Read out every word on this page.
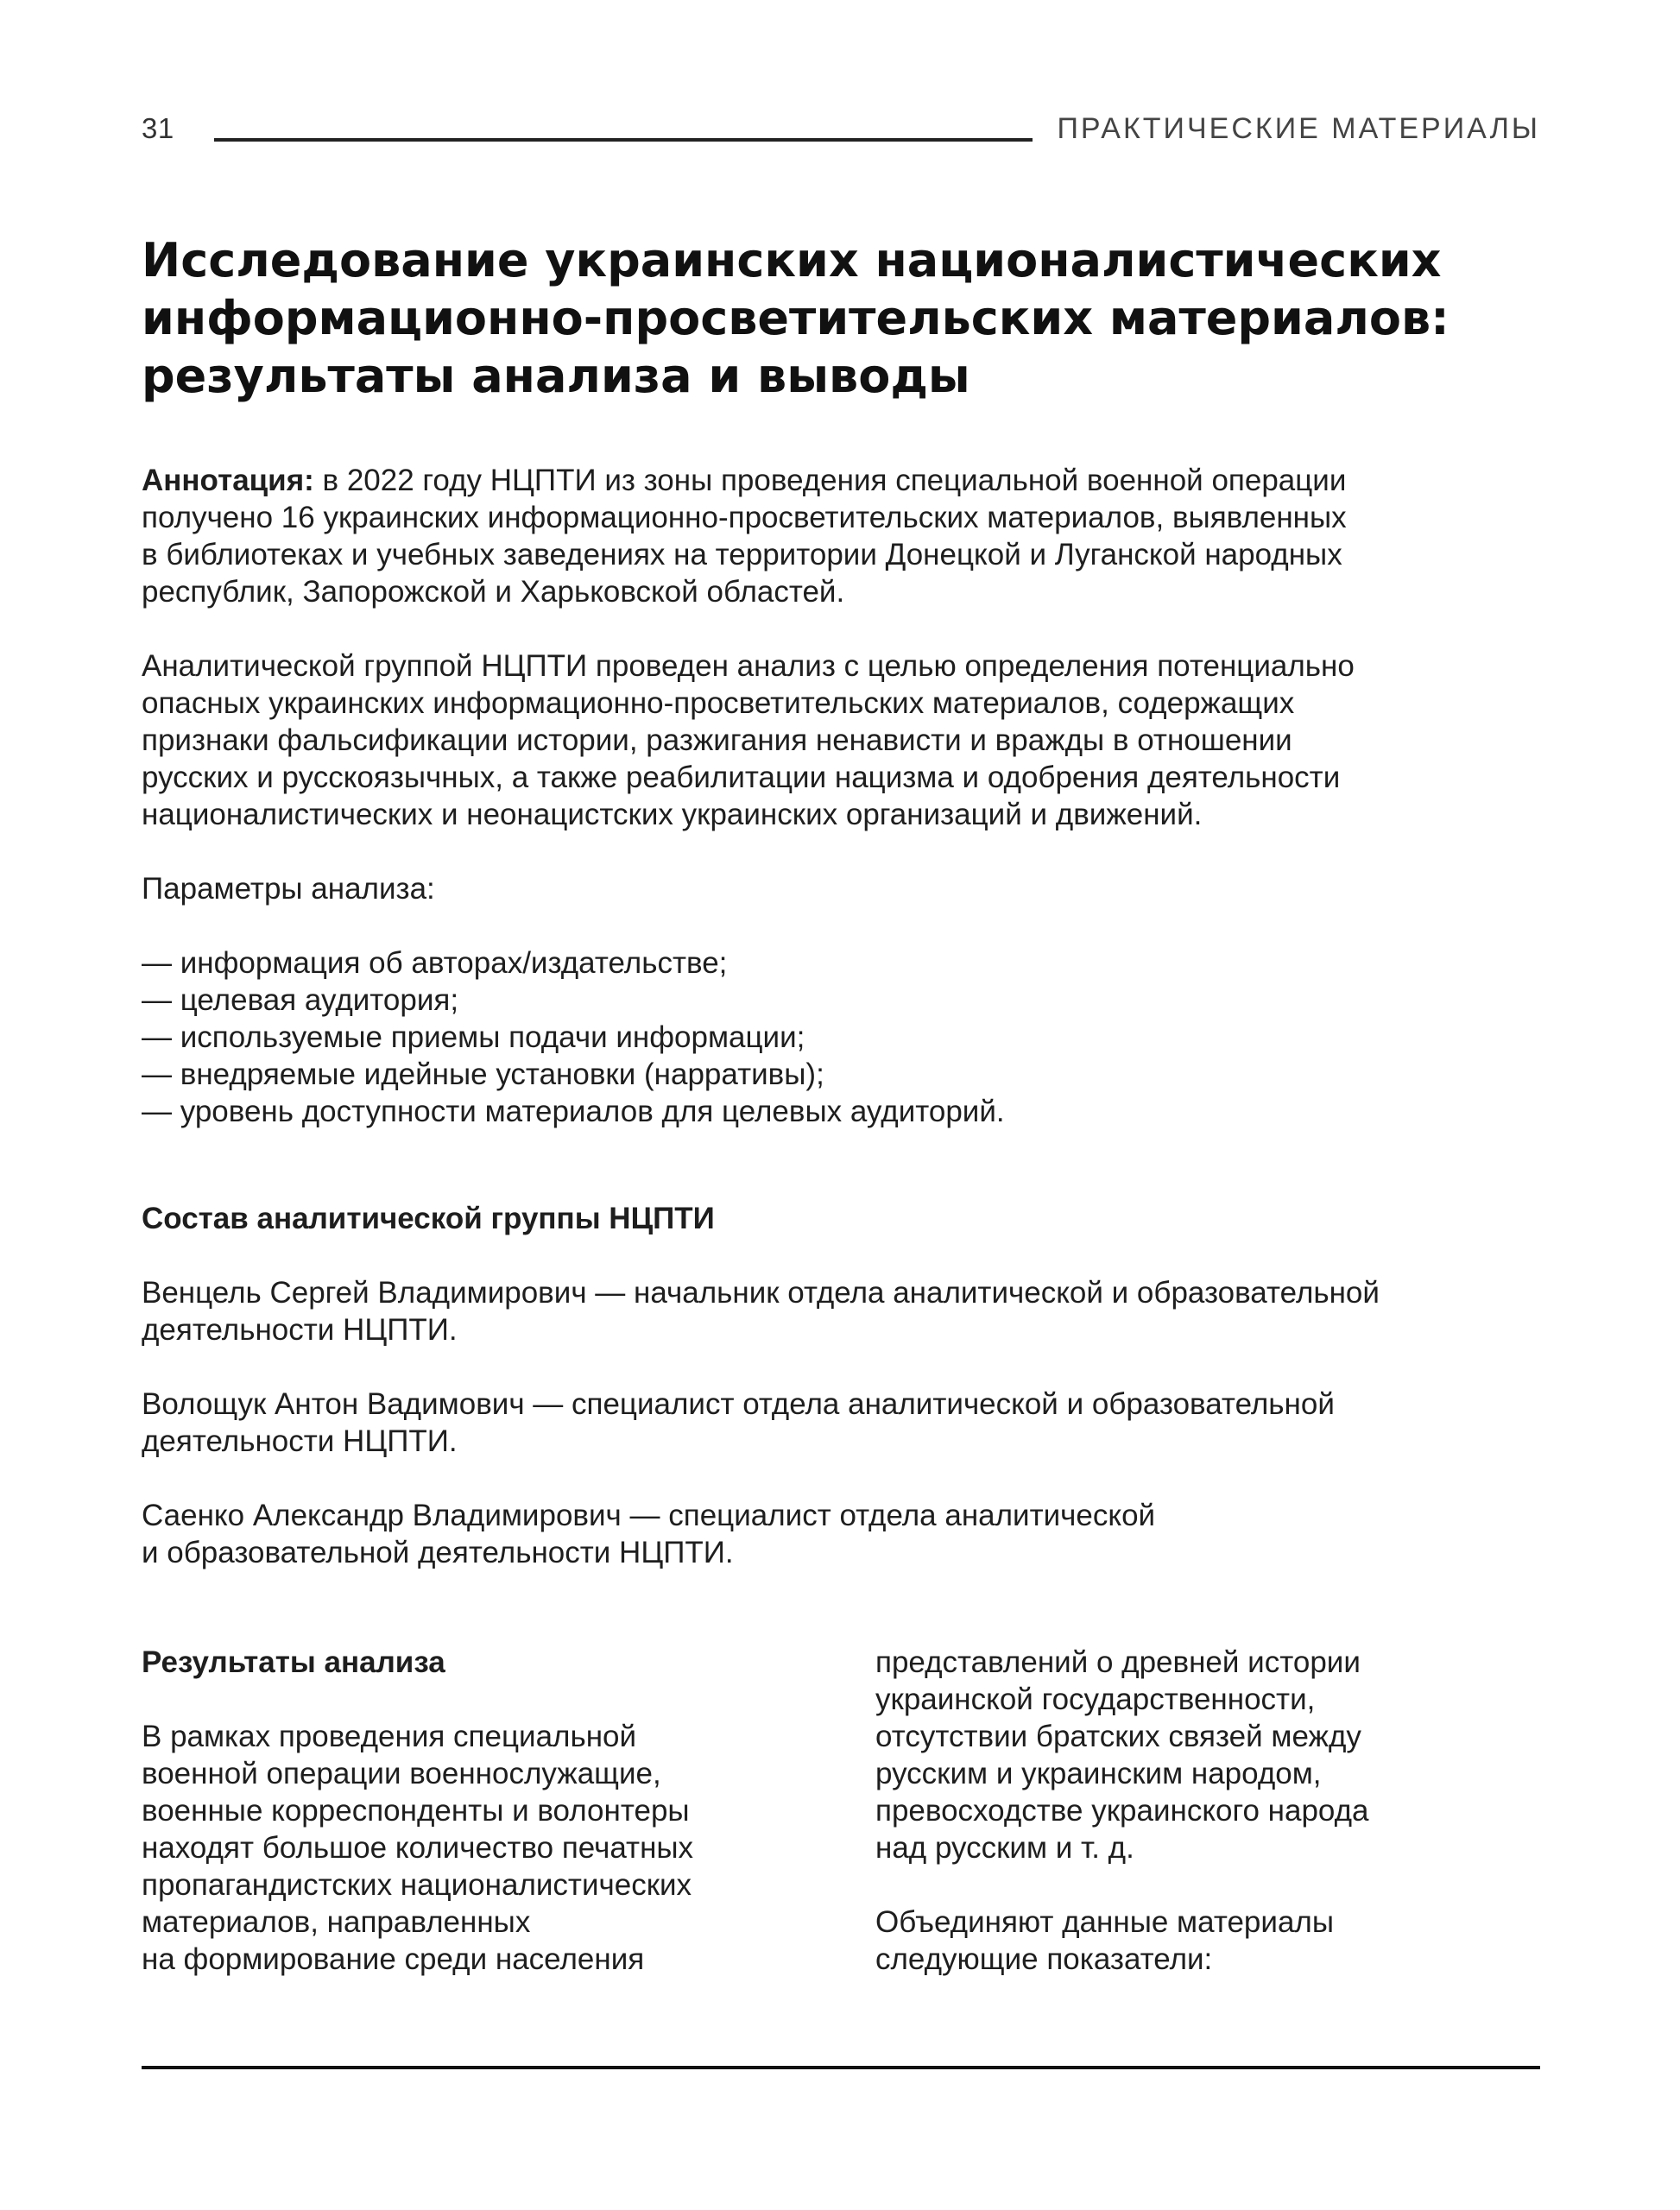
31	ПРАКТИЧЕСКИЕ МАТЕРИАЛЫ
Исследование украинских националистических
информационно-просветительских материалов:
результаты анализа и выводы

Аннотация: в 2022 году НЦПТИ из зоны проведения специальной военной операции
получено 16 украинских информационно-просветительских материалов, выявленных
в библиотеках и учебных заведениях на территории Донецкой и Луганской народных
республик, Запорожской и Харьковской областей.

Аналитической группой НЦПТИ проведен анализ с целью определения потенциально
опасных украинских информационно-просветительских материалов, содержащих
признаки фальсификации истории, разжигания ненависти и вражды в отношении
русских и русскоязычных, а также реабилитации нацизма и одобрения деятельности
националистических и неонацистских украинских организаций и движений.

Параметры анализа:

— информация об авторах/издательстве;
— целевая аудитория;
— используемые приемы подачи информации;
— внедряемые идейные установки (нарративы);
— уровень доступности материалов для целевых аудиторий.

Состав аналитической группы НЦПТИ

Венцель Сергей Владимирович — начальник отдела аналитической и образовательной
деятельности НЦПТИ.

Волощук Антон Вадимович — специалист отдела аналитической и образовательной
деятельности НЦПТИ.

Саенко Александр Владимирович — специалист отдела аналитической
и образовательной деятельности НЦПТИ.

Результаты анализа
В рамках проведения специальной
военной операции военнослужащие,
военные корреспонденты и волонтеры
находят большое количество печатных
пропагандистских националистических
материалов, направленных
на формирование среди населения
представлений о древней истории
украинской государственности,
отсутствии братских связей между
русским и украинским народом,
превосходстве украинского народа
над русским и т. д.
Объединяют данные материалы
следующие показатели:
